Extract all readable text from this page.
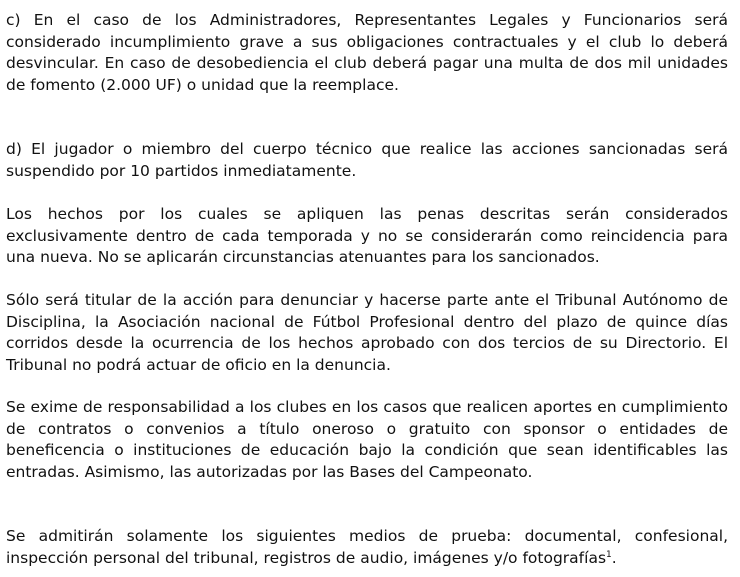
c) En el caso de los Administradores, Representantes Legales y Funcionarios será considerado incumplimiento grave a sus obligaciones contractuales y el club lo deberá desvincular. En caso de desobediencia el club deberá pagar una multa de dos mil unidades de fomento (2.000 UF) o unidad que la reemplace.

d) El jugador o miembro del cuerpo técnico que realice las acciones sancionadas será suspendido por 10 partidos inmediatamente.

Los hechos por los cuales se apliquen las penas descritas serán considerados exclusivamente dentro de cada temporada y no se considerarán como reincidencia para una nueva. No se aplicarán circunstancias atenuantes para los sancionados.

Sólo será titular de la acción para denunciar y hacerse parte ante el Tribunal Autónomo de Disciplina, la Asociación nacional de Fútbol Profesional dentro del plazo de quince días corridos desde la ocurrencia de los hechos aprobado con dos tercios de su Directorio. El Tribunal no podrá actuar de oficio en la denuncia.

Se exime de responsabilidad a los clubes en los casos que realicen aportes en cumplimiento de contratos o convenios a título oneroso o gratuito con sponsor o entidades de beneficencia o instituciones de educación bajo la condición que sean identificables las entradas. Asimismo, las autorizadas por las Bases del Campeonato.

Se admitirán solamente los siguientes medios de prueba: documental, confesional, inspección personal del tribunal, registros de audio, imágenes y/o fotografías$^1$.
